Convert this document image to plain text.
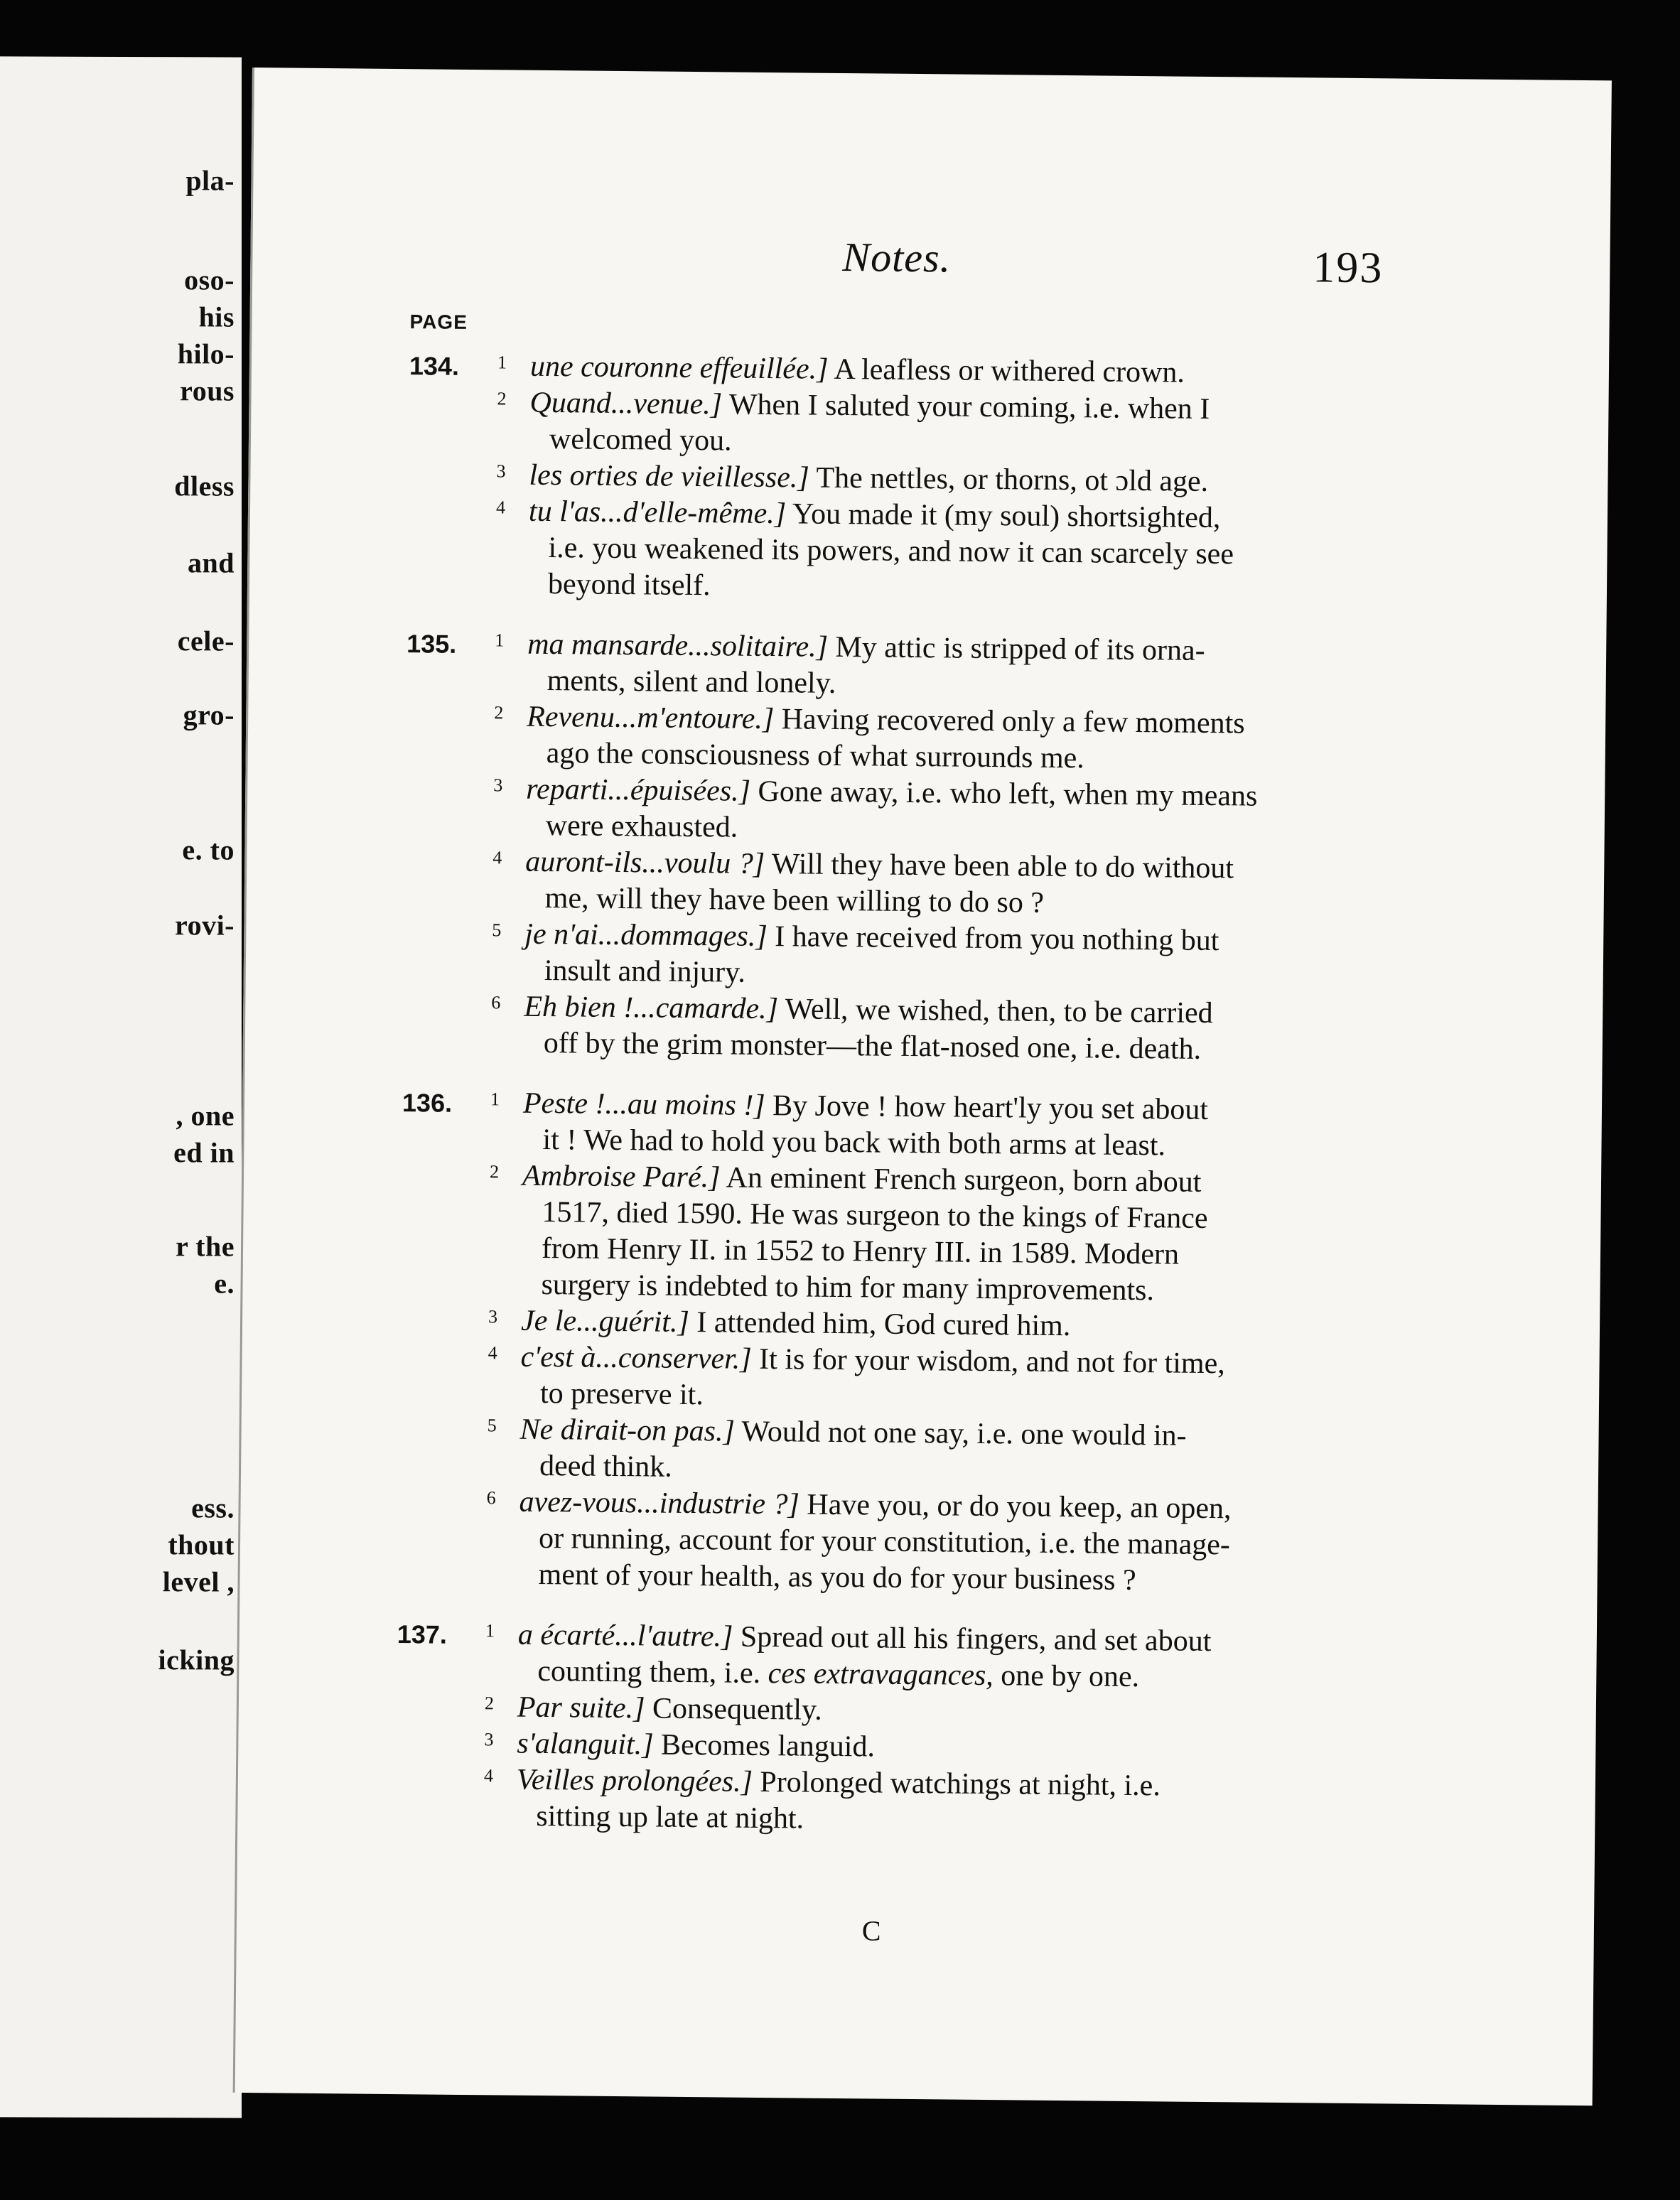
pla-
oso-
his
hilo-
rous
dless
and
cele-
gro-
e. to
rovi-
, one
ed in
r the
e.
ess.
thout
level ,
icking
Notes.	193
PAGE
134. 1 une couronne effeuillée.] A leafless or withered crown.
2 Quand...venue.] When I saluted your coming, i.e. when I
welcomed you.
3 les orties de vieillesse.] The nettles, or thorns, ot ɔld age.
4 tu l'as...d'elle-même.] You made it (my soul) shortsighted,
i.e. you weakened its powers, and now it can scarcely see
beyond itself.
135. 1 ma mansarde...solitaire.] My attic is stripped of its orna-
ments, silent and lonely.
2 Revenu...m'entoure.] Having recovered only a few moments
ago the consciousness of what surrounds me.
3 reparti...épuisées.] Gone away, i.e. who left, when my means
were exhausted.
4 auront-ils...voulu ?] Will they have been able to do without
me, will they have been willing to do so ?
5 je n'ai...dommages.] I have received from you nothing but
insult and injury.
6 Eh bien !...camarde.] Well, we wished, then, to be carried
off by the grim monster—the flat-nosed one, i.e. death.
136. 1 Peste !...au moins !] By Jove ! how heart'ly you set about
it ! We had to hold you back with both arms at least.
2 Ambroise Paré.] An eminent French surgeon, born about
1517, died 1590. He was surgeon to the kings of France
from Henry II. in 1552 to Henry III. in 1589. Modern
surgery is indebted to him for many improvements.
3 Je le...guérit.] I attended him, God cured him.
4 c'est à...conserver.] It is for your wisdom, and not for time,
to preserve it.
5 Ne dirait-on pas.] Would not one say, i.e. one would in-
deed think.
6 avez-vous...industrie ?] Have you, or do you keep, an open,
or running, account for your constitution, i.e. the manage-
ment of your health, as you do for your business ?
137. 1 a écarté...l'autre.] Spread out all his fingers, and set about
counting them, i.e. ces extravagances, one by one.
2 Par suite.] Consequently.
3 s'alanguit.] Becomes languid.
4 Veilles prolongées.] Prolonged watchings at night, i.e.
sitting up late at night.
C
